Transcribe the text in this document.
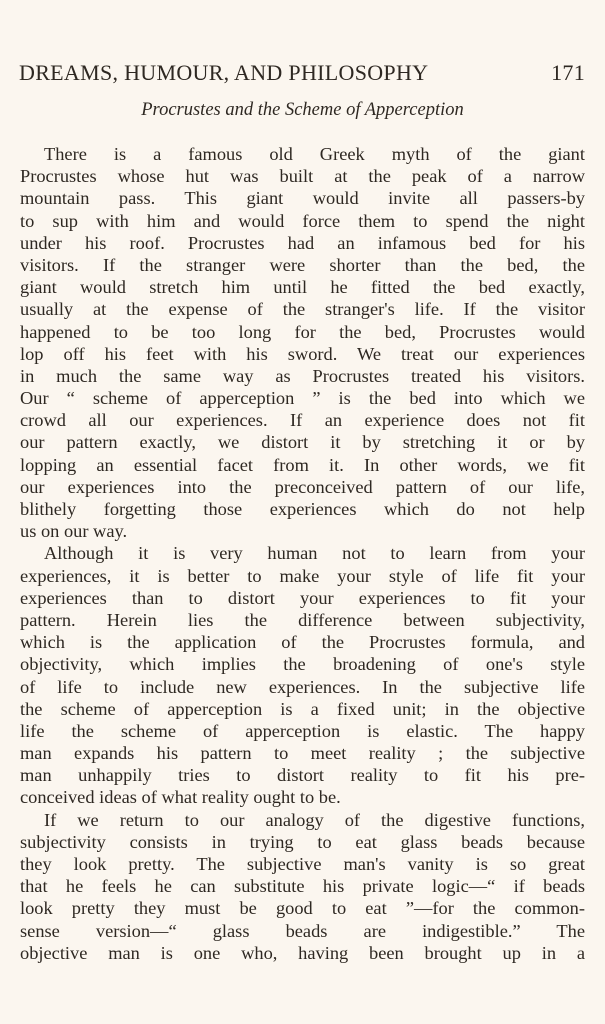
DREAMS, HUMOUR, AND PHILOSOPHY	171
Procrustes and the Scheme of Apperception
There is a famous old Greek myth of the giant
Procrustes whose hut was built at the peak of a narrow
mountain pass. This giant would invite all passers-by
to sup with him and would force them to spend the night
under his roof. Procrustes had an infamous bed for his
visitors. If the stranger were shorter than the bed, the
giant would stretch him until he fitted the bed exactly,
usually at the expense of the stranger's life. If the visitor
happened to be too long for the bed, Procrustes would
lop off his feet with his sword. We treat our experiences
in much the same way as Procrustes treated his visitors.
Our “ scheme of apperception ” is the bed into which we
crowd all our experiences. If an experience does not fit
our pattern exactly, we distort it by stretching it or by
lopping an essential facet from it. In other words, we fit
our experiences into the preconceived pattern of our life,
blithely forgetting those experiences which do not help
us on our way.
Although it is very human not to learn from your
experiences, it is better to make your style of life fit your
experiences than to distort your experiences to fit your
pattern. Herein lies the difference between subjectivity,
which is the application of the Procrustes formula, and
objectivity, which implies the broadening of one's style
of life to include new experiences. In the subjective life
the scheme of apperception is a fixed unit; in the objective
life the scheme of apperception is elastic. The happy
man expands his pattern to meet reality ; the subjective
man unhappily tries to distort reality to fit his pre-
conceived ideas of what reality ought to be.
If we return to our analogy of the digestive functions,
subjectivity consists in trying to eat glass beads because
they look pretty. The subjective man's vanity is so great
that he feels he can substitute his private logic—“ if beads
look pretty they must be good to eat ”—for the common-
sense version—“ glass beads are indigestible.” The
objective man is one who, having been brought up in a
